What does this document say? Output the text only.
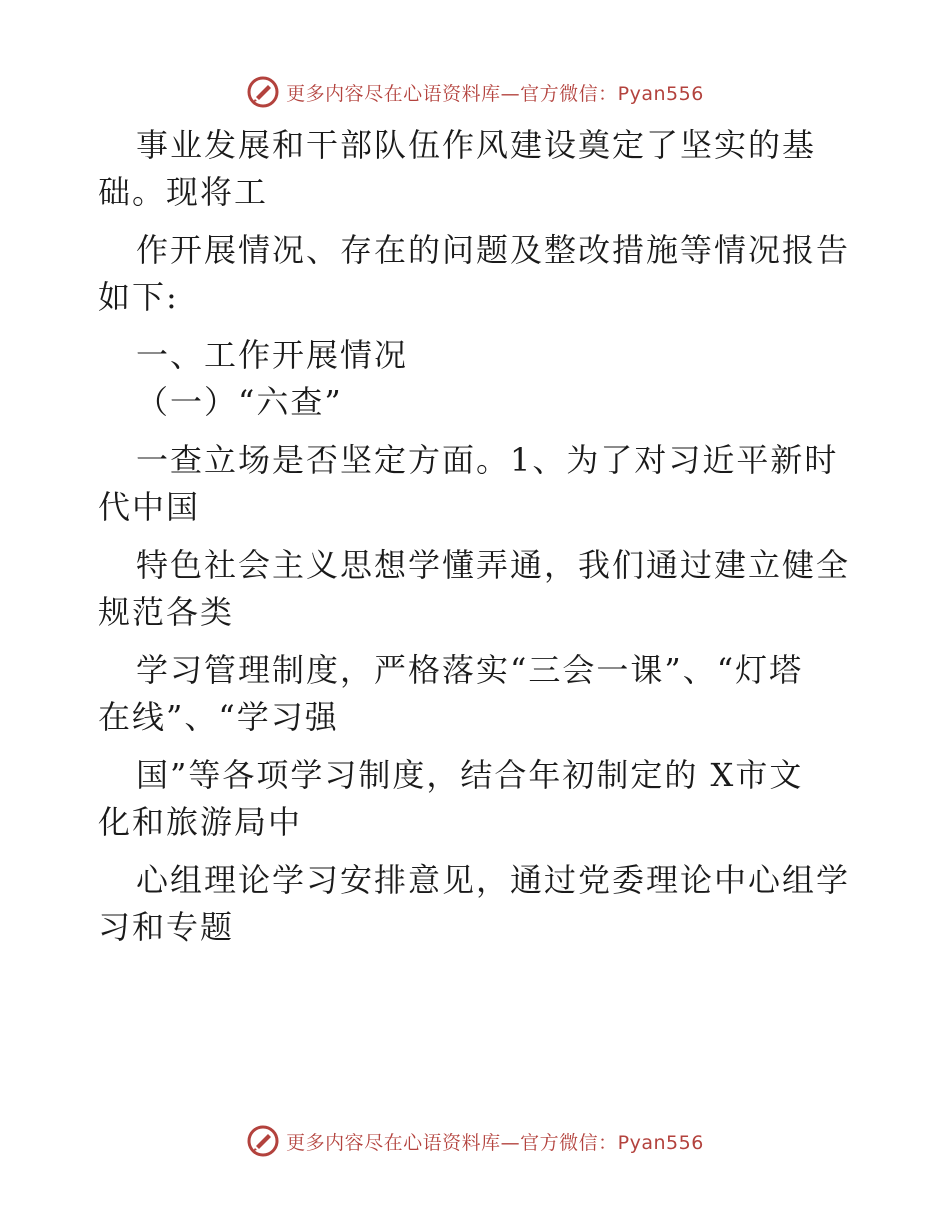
更多内容尽在心语资料库—官方微信：Pyan556
事业发展和干部队伍作风建设奠定了坚实的基
础。现将工
作开展情况、存在的问题及整改措施等情况报告
如下:
一、工作开展情况
（一）“六查”
一查立场是否坚定方面。1、为了对习近平新时
代中国
特色社会主义思想学懂弄通，我们通过建立健全
规范各类
学习管理制度，严格落实“三会一课”、“灯塔
在线”、“学习强
国”等各项学习制度，结合年初制定的 X市文
化和旅游局中
心组理论学习安排意见，通过党委理论中心组学
习和专题
更多内容尽在心语资料库—官方微信：Pyan556
